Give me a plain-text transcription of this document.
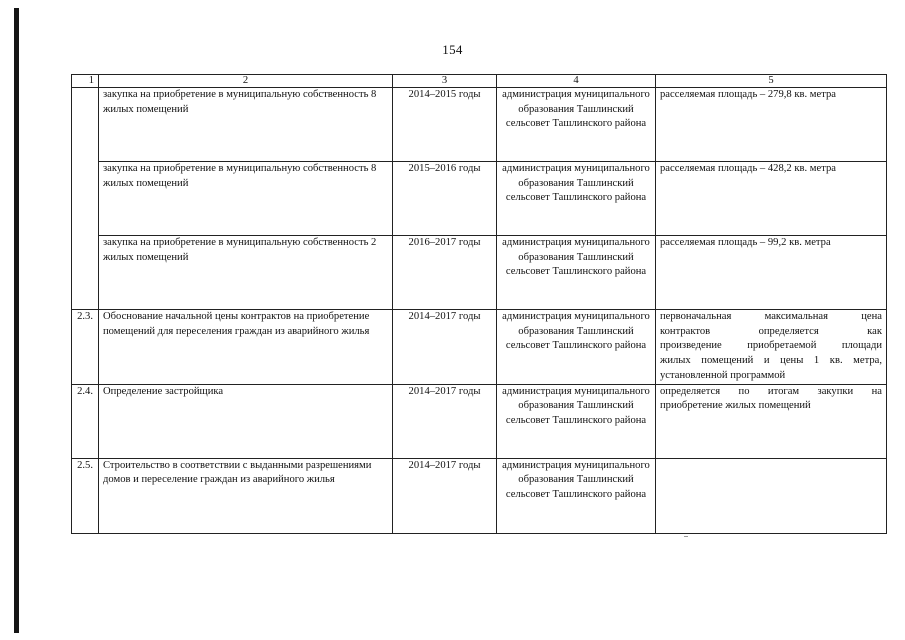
154
1	2	3	4	5
	закупка на приобретение в муниципальную собственность 8 жилых помещений	2014–2015 годы	администрация муниципального образования Ташлинский сельсовет Ташлинского района	расселяемая площадь – 279,8 кв. метра

	закупка на приобретение в муниципальную собственность 8 жилых помещений	2015–2016 годы	администрация муниципального образования Ташлинский сельсовет Ташлинского района	расселяемая площадь – 428,2 кв. метра

	закупка на приобретение в муниципальную собственность 2 жилых помещений	2016–2017 годы	администрация муниципального образования Ташлинский сельсовет Ташлинского района	расселяемая площадь – 99,2 кв. метра

2.3.	Обоснование начальной цены контрактов на приобретение помещений для переселения граждан из аварийного жилья	2014–2017 годы	администрация муниципального образования Ташлинский сельсовет Ташлинского района	первоначальная максимальная цена
контрактов определяется как
произведение приобретаемой площади
жилых помещений и цены 1 кв. метра,
установленной программой

2.4.	Определение застройщика	2014–2017 годы	администрация муниципального образования Ташлинский сельсовет Ташлинского района	определяется по итогам закупки на
приобретение жилых помещений

2.5.	Строительство в соответствии с выданными разрешениями домов и переселение граждан из аварийного жилья	2014–2017 годы	администрация муниципального образования Ташлинский сельсовет Ташлинского района	
